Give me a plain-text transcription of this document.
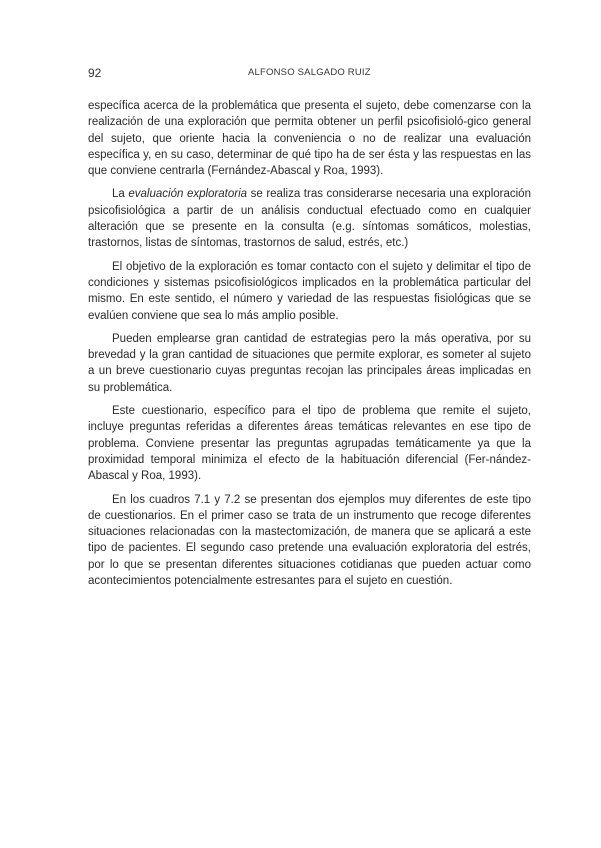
92	ALFONSO SALGADO RUIZ

específica acerca de la problemática que presenta el sujeto, debe comenzarse con la realización de una exploración que permita obtener un perfil psicofisioló-gico general del sujeto, que oriente hacia la conveniencia o no de realizar una evaluación específica y, en su caso, determinar de qué tipo ha de ser ésta y las respuestas en las que conviene centrarla (Fernández-Abascal y Roa, 1993).

La evaluación exploratoria se realiza tras considerarse necesaria una exploración psicofisiológica a partir de un análisis conductual efectuado como en cualquier alteración que se presente en la consulta (e.g. síntomas somáticos, molestias, trastornos, listas de síntomas, trastornos de salud, estrés, etc.)

El objetivo de la exploración es tomar contacto con el sujeto y delimitar el tipo de condiciones y sistemas psicofisiológicos implicados en la problemática particular del mismo. En este sentido, el número y variedad de las respuestas fisiológicas que se evalúen conviene que sea lo más amplio posible.

Pueden emplearse gran cantidad de estrategias pero la más operativa, por su brevedad y la gran cantidad de situaciones que permite explorar, es someter al sujeto a un breve cuestionario cuyas preguntas recojan las principales áreas implicadas en su problemática.

Este cuestionario, específico para el tipo de problema que remite el sujeto, incluye preguntas referidas a diferentes áreas temáticas relevantes en ese tipo de problema. Conviene presentar las preguntas agrupadas temáticamente ya que la proximidad temporal minimiza el efecto de la habituación diferencial (Fer-nández-Abascal y Roa, 1993).

En los cuadros 7.1 y 7.2 se presentan dos ejemplos muy diferentes de este tipo de cuestionarios. En el primer caso se trata de un instrumento que recoge diferentes situaciones relacionadas con la mastectomización, de manera que se aplicará a este tipo de pacientes. El segundo caso pretende una evaluación exploratoria del estrés, por lo que se presentan diferentes situaciones cotidianas que pueden actuar como acontecimientos potencialmente estresantes para el sujeto en cuestión.
